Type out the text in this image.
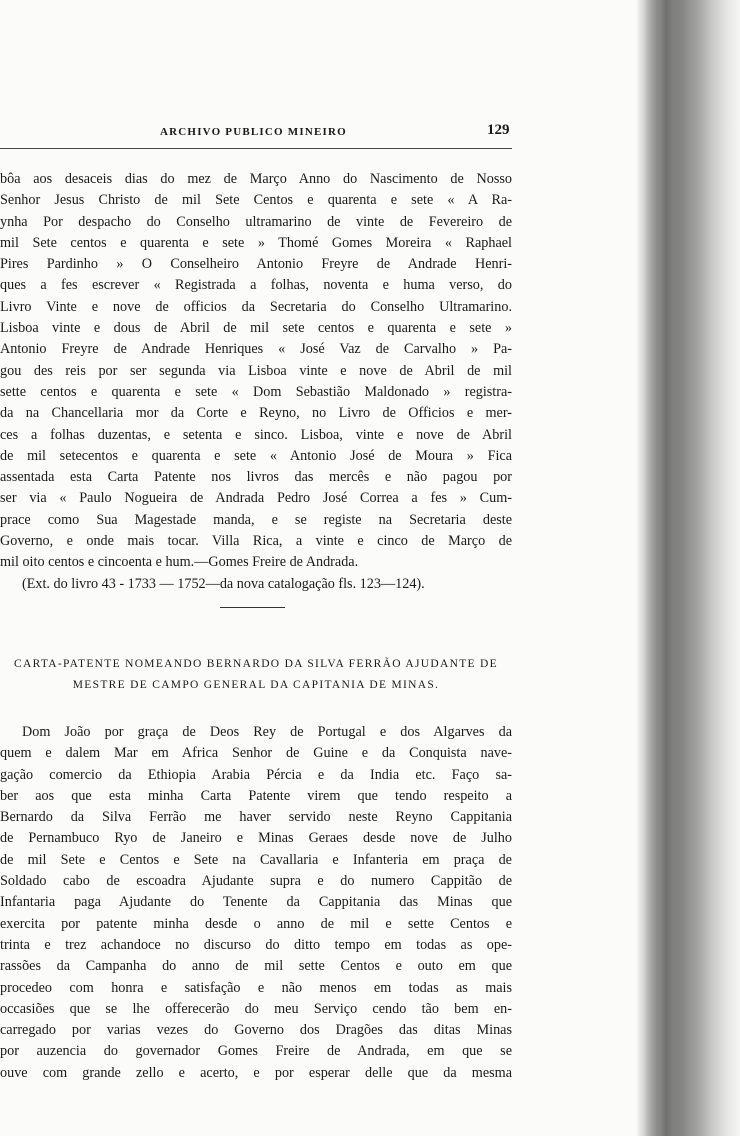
ARCHIVO PUBLICO MINEIRO	129
bôa aos desaceis dias do mez de Março Anno do Nascimento de Nosso
Senhor Jesus Christo de mil Sete Centos e quarenta e sete « A Ra-
ynha Por despacho do Conselho ultramarino de vinte de Fevereiro de
mil Sete centos e quarenta e sete » Thomé Gomes Moreira « Raphael
Pires Pardinho » O Conselheiro Antonio Freyre de Andrade Henri-
ques a fes escrever « Registrada a folhas, noventa e huma verso, do
Livro Vinte e nove de officios da Secretaria do Conselho Ultramarino.
Lisboa vinte e dous de Abril de mil sete centos e quarenta e sete »
Antonio Freyre de Andrade Henriques « José Vaz de Carvalho » Pa-
gou des reis por ser segunda via Lisboa vinte e nove de Abril de mil
sette centos e quarenta e sete « Dom Sebastião Maldonado » registra-
da na Chancellaria mor da Corte e Reyno, no Livro de Officios e mer-
ces a folhas duzentas, e setenta e sinco. Lisboa, vinte e nove de Abril
de mil setecentos e quarenta e sete « Antonio José de Moura » Fica
assentada esta Carta Patente nos livros das mercês e não pagou por
ser via « Paulo Nogueira de Andrada Pedro José Correa a fes » Cum-
prace como Sua Magestade manda, e se registe na Secretaria deste
Governo, e onde mais tocar. Villa Rica, a vinte e cinco de Março de
mil oito centos e cincoenta e hum.—Gomes Freire de Andrada.
(Ext. do livro 43 - 1733 — 1752—da nova catalogação fls. 123—124).
CARTA-PATENTE NOMEANDO BERNARDO DA SILVA FERRÃO AJUDANTE DE
MESTRE DE CAMPO GENERAL DA CAPITANIA DE MINAS.
Dom João por graça de Deos Rey de Portugal e dos Algarves da
quem e dalem Mar em Africa Senhor de Guine e da Conquista nave-
gação comercio da Ethiopia Arabia Pércia e da India etc. Faço sa-
ber aos que esta minha Carta Patente virem que tendo respeito a
Bernardo da Silva Ferrão me haver servido neste Reyno Cappitania
de Pernambuco Ryo de Janeiro e Minas Geraes desde nove de Julho
de mil Sete e Centos e Sete na Cavallaria e Infanteria em praça de
Soldado cabo de escoadra Ajudante supra e do numero Cappitão de
Infantaria paga Ajudante do Tenente da Cappitania das Minas que
exercita por patente minha desde o anno de mil e sette Centos e
trinta e trez achandoce no discurso do ditto tempo em todas as ope-
rassões da Campanha do anno de mil sette Centos e outo em que
procedeo com honra e satisfação e não menos em todas as mais
occasiões que se lhe offerecerão do meu Serviço cendo tão bem en-
carregado por varias vezes do Governo dos Dragões das ditas Minas
por auzencia do governador Gomes Freire de Andrada, em que se
ouve com grande zello e acerto, e por esperar delle que da mesma
